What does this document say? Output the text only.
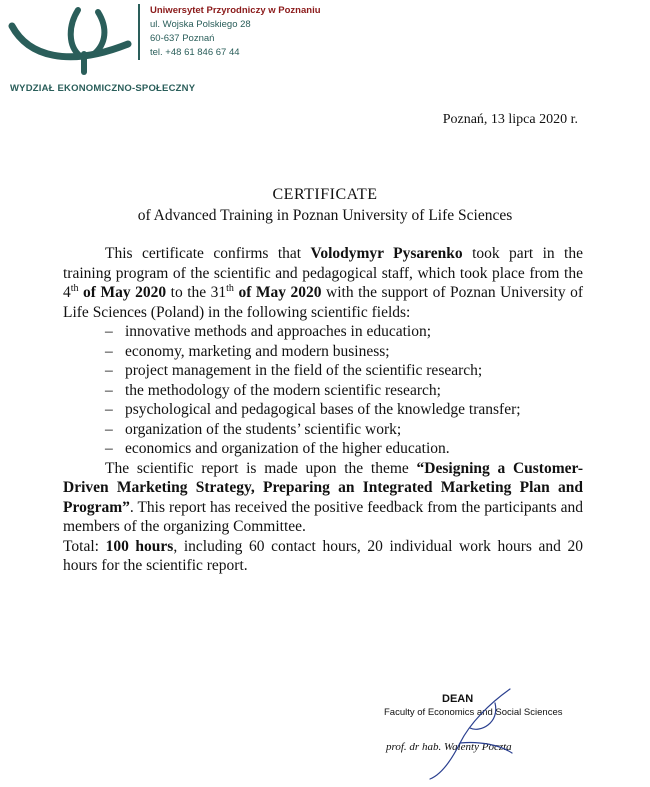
Uniwersytet Przyrodniczy w Poznaniu
ul. Wojska Polskiego 28
60-637 Poznań
tel. +48 61 846 67 44
WYDZIAŁ EKONOMICZNO-SPOŁECZNY
Poznań, 13 lipca 2020 r.
CERTIFICATE
of Advanced Training in Poznan University of Life Sciences

This certificate confirms that Volodymyr Pysarenko took part in the training program of the scientific and pedagogical staff, which took place from the 4th of May 2020 to the 31th of May 2020 with the support of Poznan University of Life Sciences (Poland) in the following scientific fields:

– innovative methods and approaches in education;
– economy, marketing and modern business;
– project management in the field of the scientific research;
– the methodology of the modern scientific research;
– psychological and pedagogical bases of the knowledge transfer;
– organization of the students’ scientific work;
– economics and organization of the higher education.

The scientific report is made upon the theme “Designing a Customer-Driven Marketing Strategy, Preparing an Integrated Marketing Plan and Program”. This report has received the positive feedback from the participants and members of the organizing Committee.

Total: 100 hours, including 60 contact hours, 20 individual work hours and 20 hours for the scientific report.

DEAN
Faculty of Economics and Social Sciences
prof. dr hab. Walenty Poczta
